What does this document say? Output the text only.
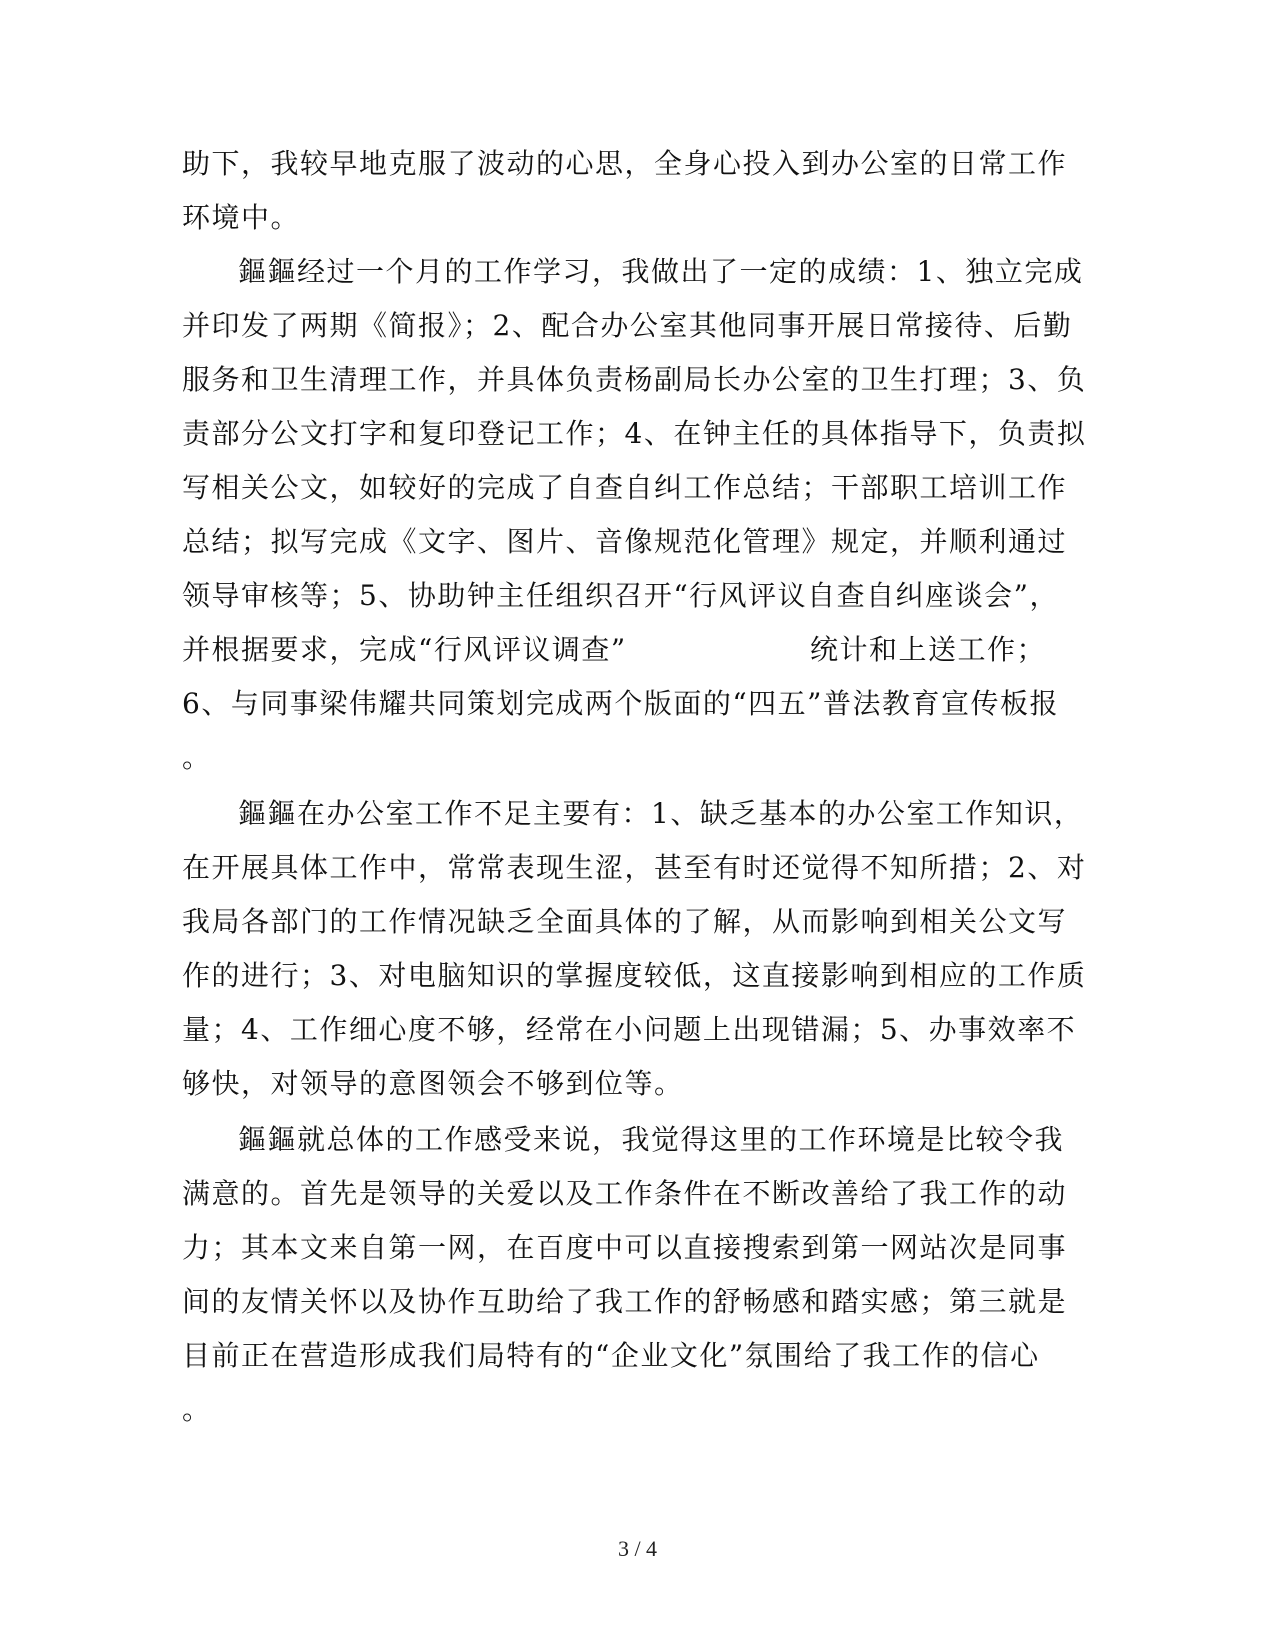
助下，我较早地克服了波动的心思，全身心投入到办公室的日常工作
环境中。
鏂鏂经过一个月的工作学习，我做出了一定的成绩：1、独立完成
并印发了两期《简报》；2、配合办公室其他同事开展日常接待、后勤
服务和卫生清理工作，并具体负责杨副局长办公室的卫生打理；3、负
责部分公文打字和复印登记工作；4、在钟主任的具体指导下，负责拟
写相关公文，如较好的完成了自查自纠工作总结；干部职工培训工作
总结；拟写完成《文字、图片、音像规范化管理》规定，并顺利通过
领导审核等；5、协助钟主任组织召开“行风评议自查自纠座谈会”，
并根据要求，完成“行风评议调查”	统计和上送工作；
6、与同事梁伟耀共同策划完成两个版面的“四五”普法教育宣传板报
。
鏂鏂在办公室工作不足主要有：1、缺乏基本的办公室工作知识，
在开展具体工作中，常常表现生涩，甚至有时还觉得不知所措；2、对
我局各部门的工作情况缺乏全面具体的了解，从而影响到相关公文写
作的进行；3、对电脑知识的掌握度较低，这直接影响到相应的工作质
量；4、工作细心度不够，经常在小问题上出现错漏；5、办事效率不
够快，对领导的意图领会不够到位等。
鏂鏂就总体的工作感受来说，我觉得这里的工作环境是比较令我
满意的。首先是领导的关爱以及工作条件在不断改善给了我工作的动
力；其本文来自第一网，在百度中可以直接搜索到第一网站次是同事
间的友情关怀以及协作互助给了我工作的舒畅感和踏实感；第三就是
目前正在营造形成我们局特有的“企业文化”氛围给了我工作的信心
。
3 / 4
